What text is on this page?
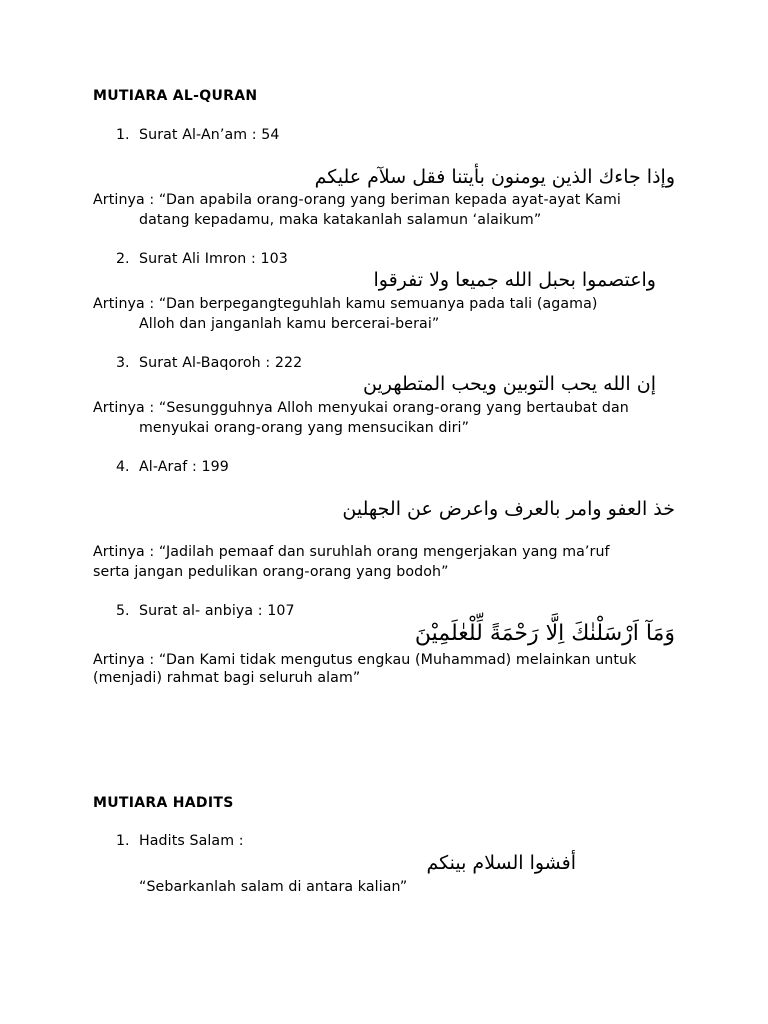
MUTIARA AL-QURAN
1. Surat Al-An’am : 54
وإذا جاءك الذين يومنون بأيتنا فقل سلآم عليكم
Artinya : “Dan apabila orang-orang yang beriman kepada ayat-ayat Kami
datang kepadamu, maka katakanlah salamun ‘alaikum”
2. Surat Ali Imron : 103
واعتصموا بحبل الله جميعا ولا تفرقوا
Artinya : “Dan berpegangteguhlah kamu semuanya pada tali (agama)
Alloh dan janganlah kamu bercerai-berai”
3. Surat Al-Baqoroh : 222
إن الله يحب التوبين ويحب المتطهرين
Artinya : “Sesungguhnya Alloh menyukai orang-orang yang bertaubat dan
menyukai orang-orang yang mensucikan diri”
4. Al-Araf : 199
خذ العفو وامر بالعرف واعرض عن الجهلين
Artinya : “Jadilah pemaaf dan suruhlah orang mengerjakan yang ma’ruf
serta jangan pedulikan orang-orang yang bodoh”
5. Surat al- anbiya : 107
وَمَآ اَرْسَلْنٰكَ اِلَّا رَحْمَةً لِّلْعٰلَمِيْنَ
Artinya : “Dan Kami tidak mengutus engkau (Muhammad) melainkan untuk
(menjadi) rahmat bagi seluruh alam”
MUTIARA HADITS
1. Hadits Salam :
أفشوا السلام بينكم
“Sebarkanlah salam di antara kalian”
